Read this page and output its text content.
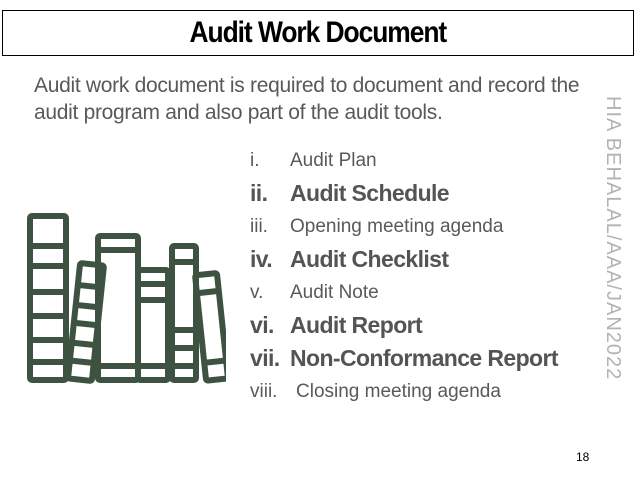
Audit Work Document
Audit work document is required to document and record the audit program and also part of the audit tools.
i. Audit Plan
ii. Audit Schedule
iii. Opening meeting agenda
iv. Audit Checklist
v. Audit Note
vi. Audit Report
vii. Non-Conformance Report
viii. Closing meeting agenda
HIA BEHALAL/AAA/JAN2022
18
